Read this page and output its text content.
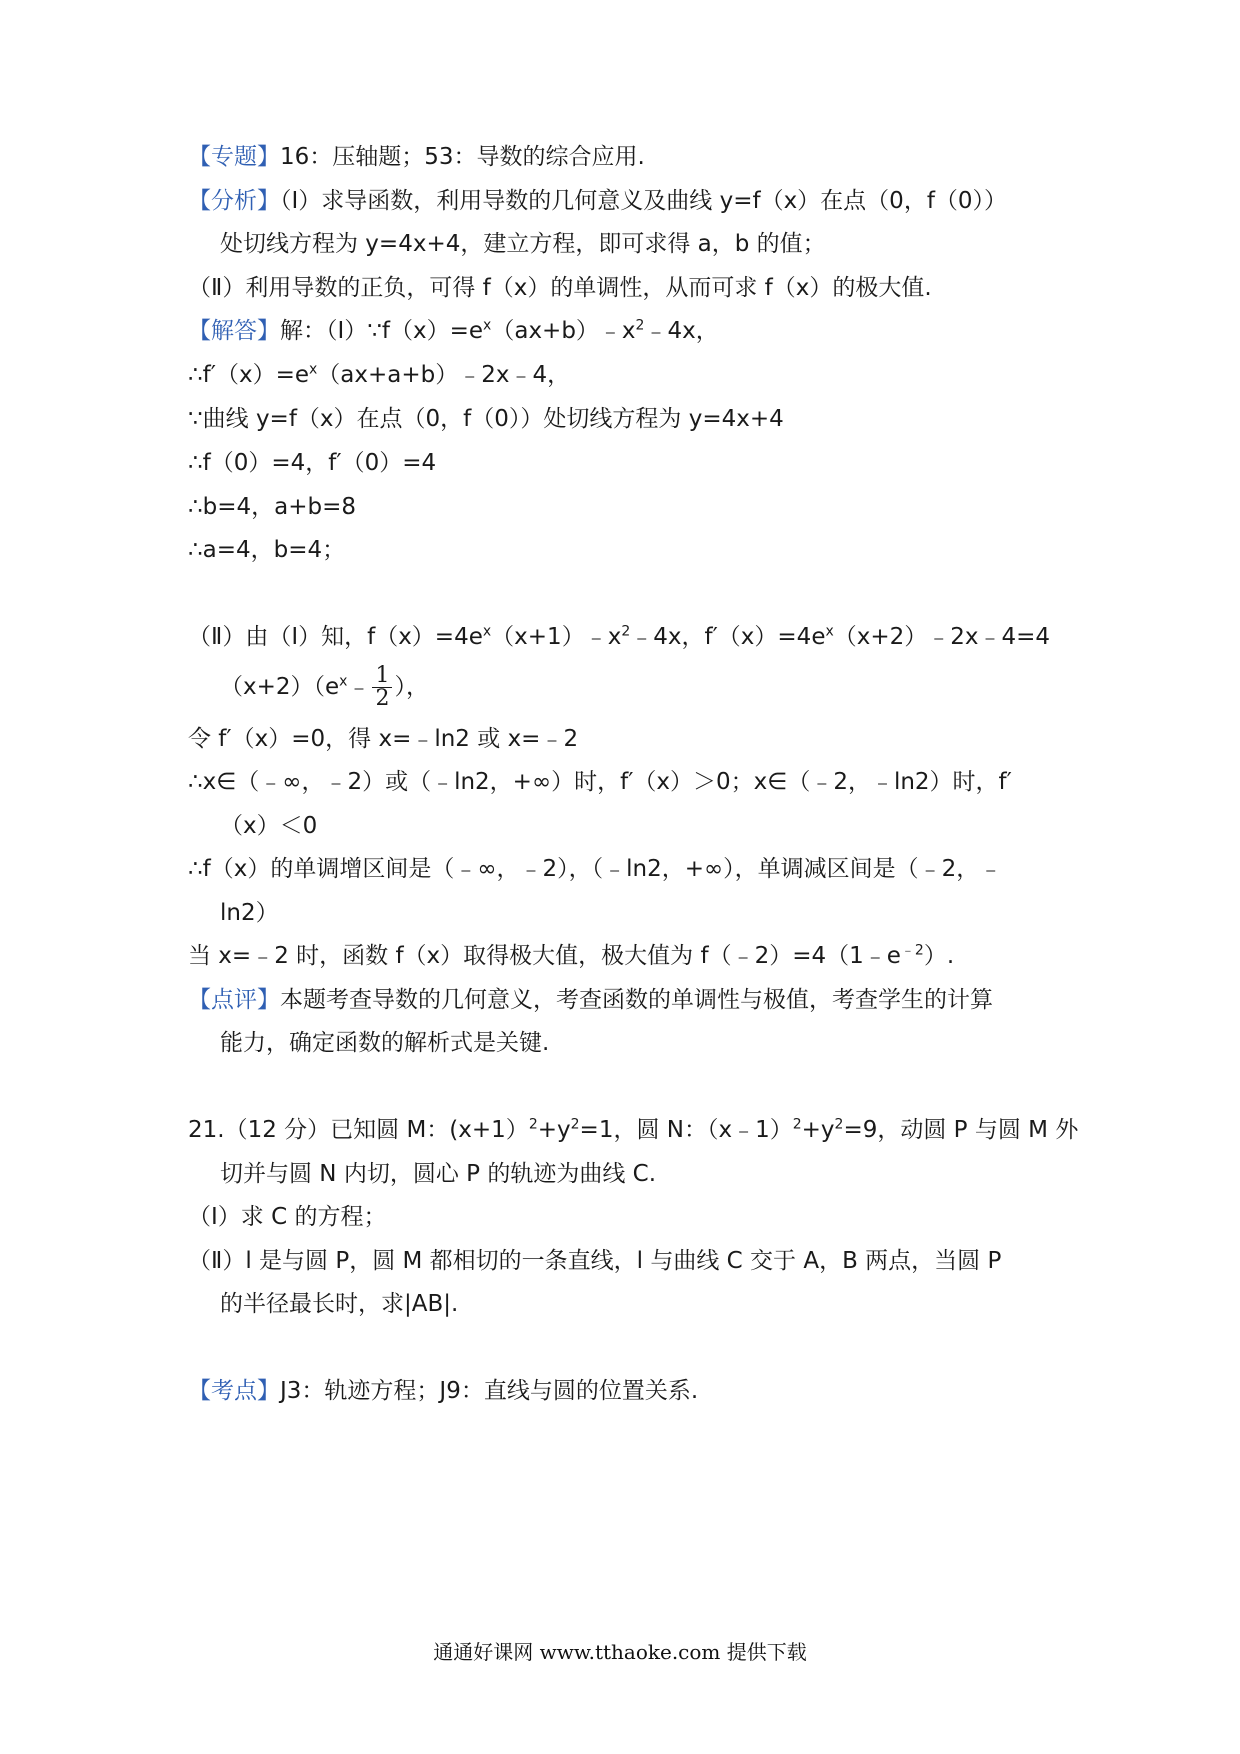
【专题】16：压轴题；53：导数的综合应用.
【分析】（Ⅰ）求导函数，利用导数的几何意义及曲线 y=f（x）在点（0，f（0））
处切线方程为 y=4x+4，建立方程，即可求得 a，b 的值；
（Ⅱ）利用导数的正负，可得 f（x）的单调性，从而可求 f（x）的极大值.
【解答】解：$(Ⅰ)\because f(x)=e^x(ax+b)﹣x^2﹣4x$，
$\therefore f'(x)=e^x(ax+a+b)﹣2x﹣4$，
∵曲线 y=f（x）在点（0，f（0））处切线方程为 y=4x+4
∴f（0）=4，f′（0）=4
∴b=4，a+b=8
∴a=4，b=4；
（Ⅱ）由（Ⅰ）知，$f(x)=4e^x(x+1)﹣x^2﹣4x$，$f'(x)=4e^x(x+2)﹣2x﹣4=4$
$(x+2)(e^x﹣ \frac{1}{2}$ ），
令 f′（x）=0，得 x=﹣ln2 或 x=﹣2
∴x∈（﹣∞，﹣2）或（﹣ln2，+∞）时，f′（x）＞0；x∈（﹣2，﹣ln2）时，f′
（x）＜0
∴f（x）的单调增区间是（﹣∞，﹣2），（﹣ln2，+∞），单调减区间是（﹣2，﹣
ln2）
当 x=﹣2 时，函数 f（x）取得极大值，极大值为 $f(﹣2)=4(1﹣e^{﹣2})$.
【点评】本题考查导数的几何意义，考查函数的单调性与极值，考查学生的计算
能力，确定函数的解析式是关键.
21.（12 分）已知圆 M：$(x+1)^2+y^2=1$，圆 N：$(x﹣1)^2+y^2=9$，动圆 P 与圆 M 外
切并与圆 N 内切，圆心 P 的轨迹为曲线 C.
（Ⅰ）求 C 的方程；
（Ⅱ）l 是与圆 P，圆 M 都相切的一条直线，l 与曲线 C 交于 A，B 两点，当圆 P
的半径最长时，求|AB|.
【考点】J3：轨迹方程；J9：直线与圆的位置关系.
通通好课网 www.tthaoke.com 提供下载
